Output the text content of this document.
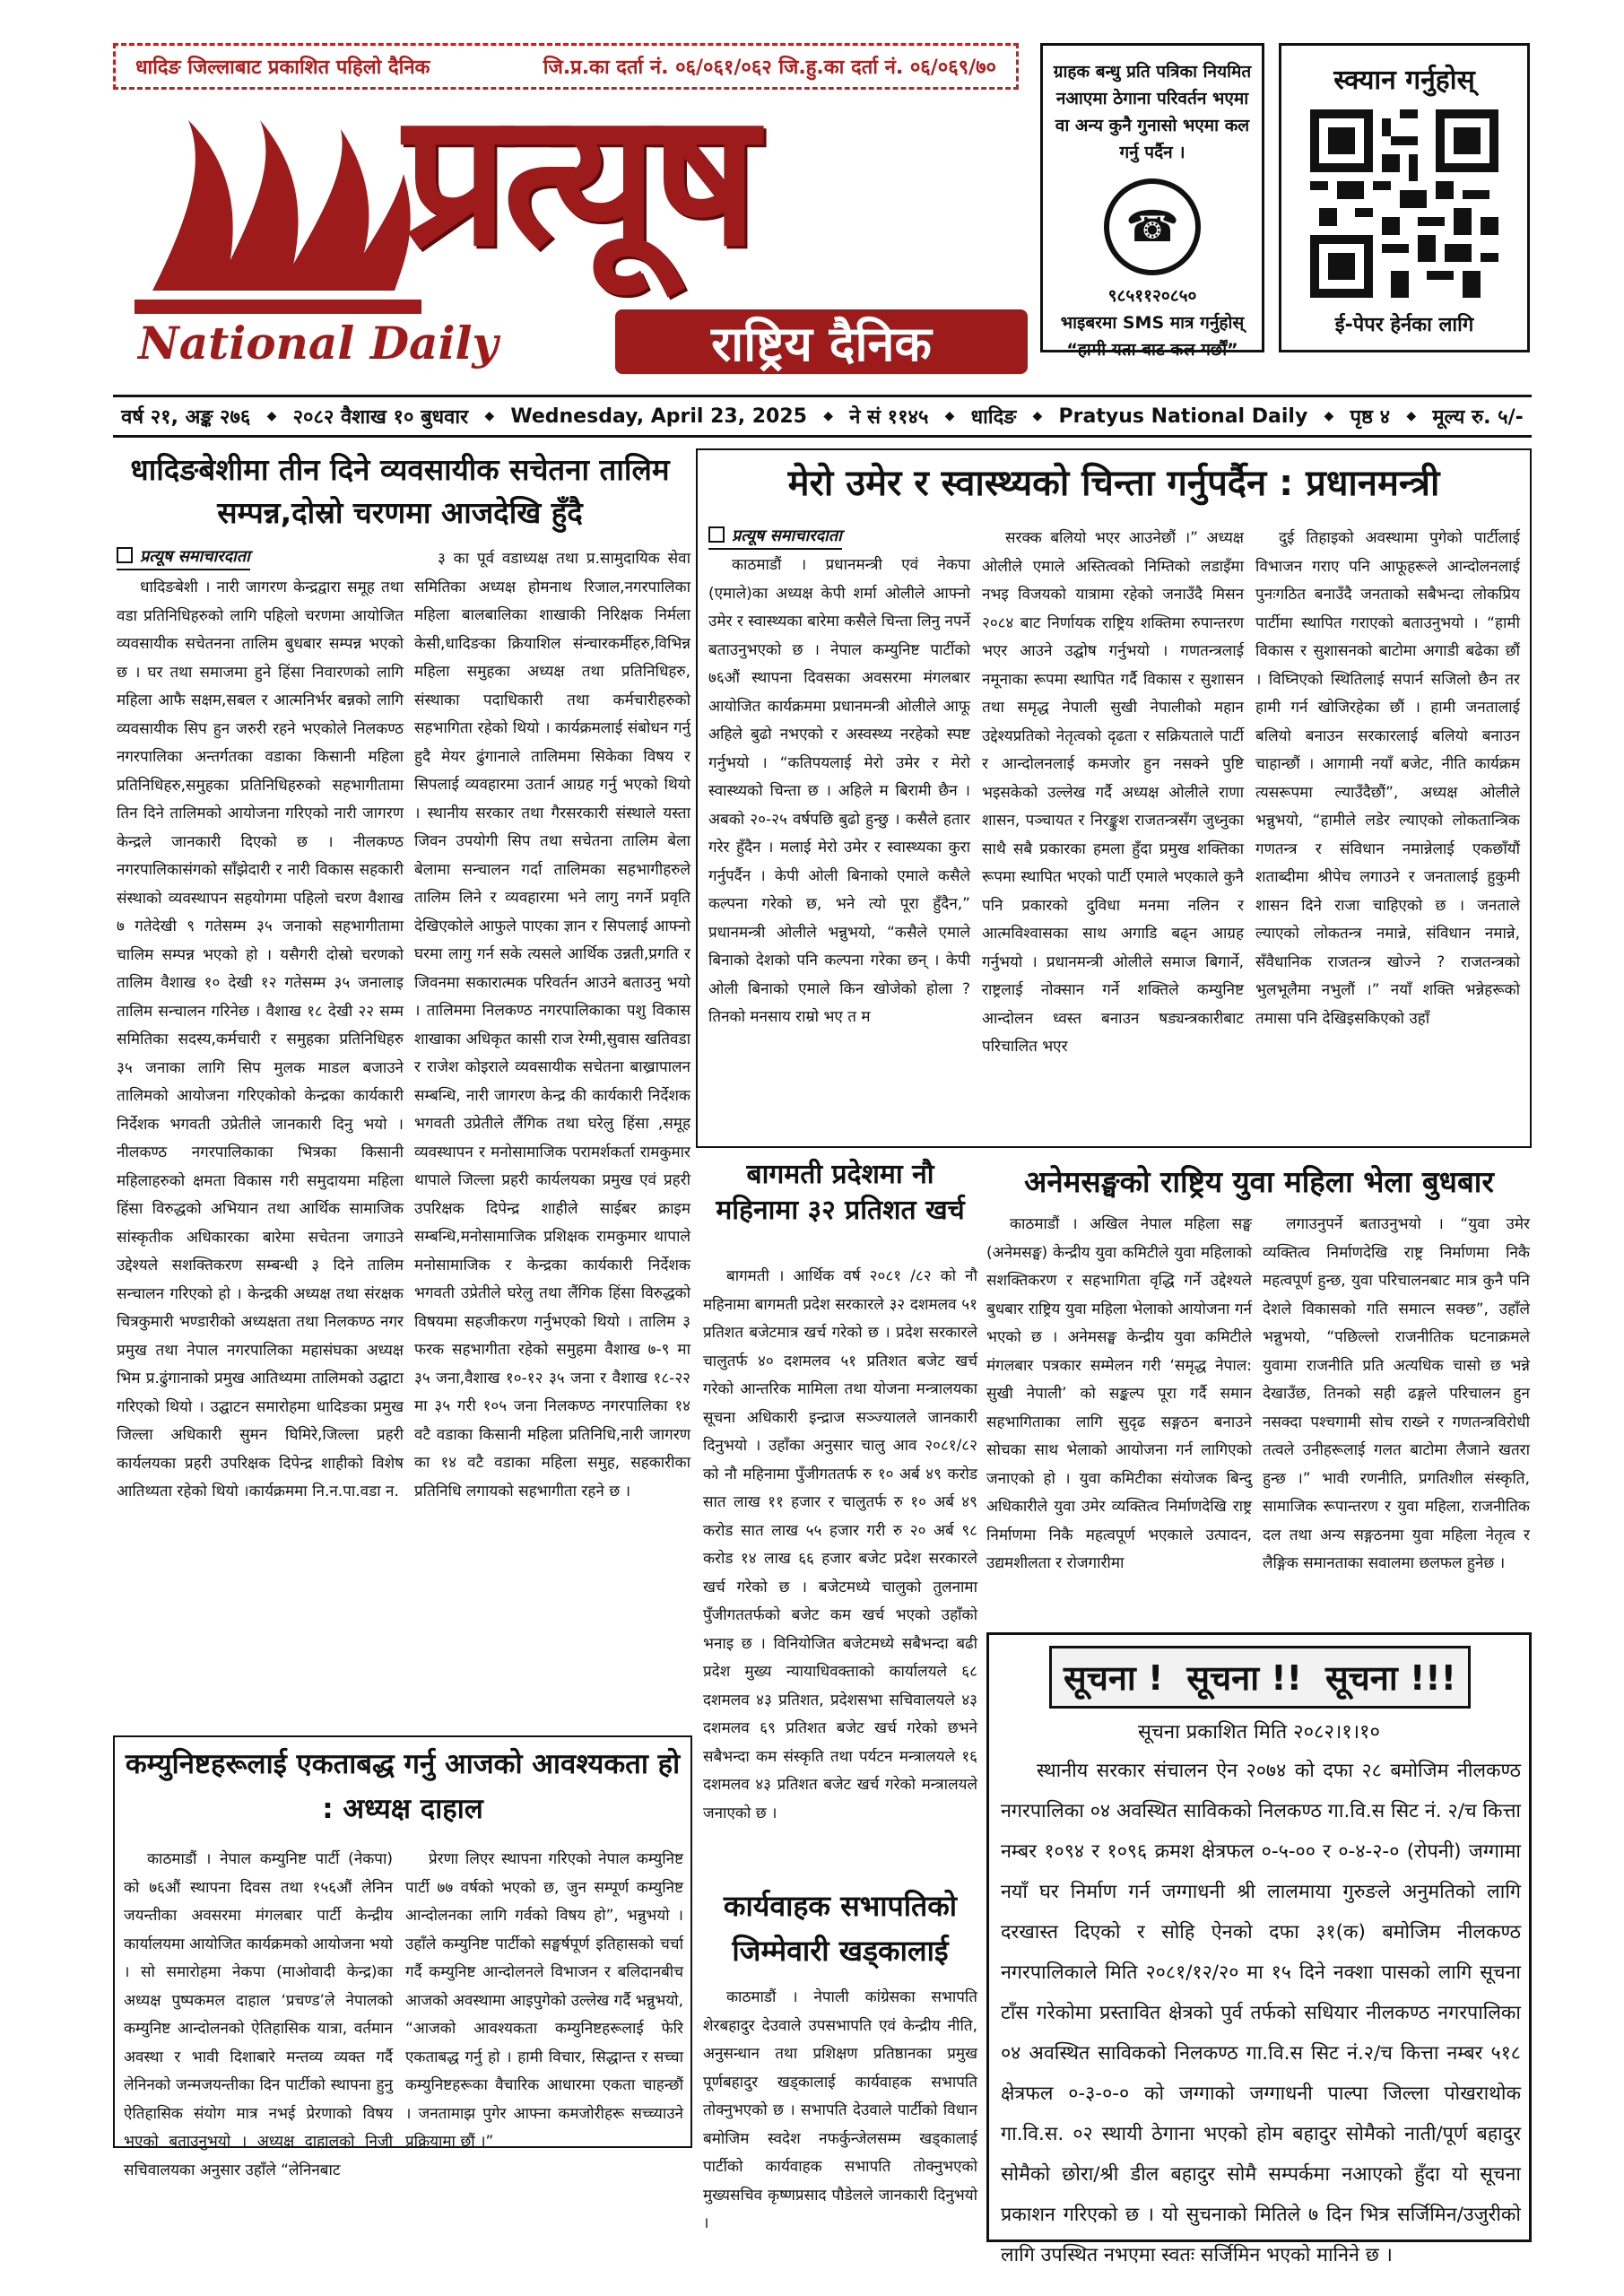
धादिङ जिल्लाबाट प्रकाशित पहिलो दैनिक	जि.प्र.का दर्ता नं. ०६/०६१/०६२ जि.हु.का दर्ता नं. ०६/०६९/७०
प्रत्यूष
National Daily	राष्ट्रिय दैनिक
ग्राहक बन्धु प्रति पत्रिका नियमित नआएमा ठेगाना परिवर्तन भएमा वा अन्य कुनै गुनासो भएमा कल गर्नु पर्दैन ।
☎
९८५११२०८५०
भाइबरमा SMS मात्र गर्नुहोस्
“हामी यता बाट कल गर्छौं”
स्क्यान गर्नुहोस्
ई-पेपर हेर्नका लागि
वर्ष २१, अङ्क २७६ ◆ २०८२ वैशाख १० बुधवार ◆ Wednesday, April 23, 2025 ◆ ने सं ११४५ ◆ धादिङ ◆ Pratyus National Daily ◆ पृष्ठ ४ ◆ मूल्य रु. ५/-
धादिङबेशीमा तीन दिने व्यवसायीक सचेतना तालिम सम्पन्न,दोस्रो चरणमा आजदेखि हुँदै
प्रत्यूष समाचारदाता

धादिङबेशी । नारी जागरण केन्द्रद्वारा समूह तथा वडा प्रतिनिधिहरुको लागि पहिलो चरणमा आयोजित व्यवसायीक सचेतनना तालिम बुधबार सम्पन्न भएको छ । घर तथा समाजमा हुने हिंसा निवारणको लागि महिला आफै सक्षम,सबल र आत्मनिर्भर बन्नको लागि व्यवसायीक सिप हुन जरुरी रहने भएकोले निलकण्ठ नगरपालिका अन्तर्गतका वडाका किसानी महिला प्रतिनिधिहरु,समुहका प्रतिनिधिहरुको सहभागीतामा तिन दिने तालिमको आयोजना गरिएको नारी जागरण केन्द्रले जानकारी दिएको छ । नीलकण्ठ नगरपालिकासंगको साँझेदारी र नारी विकास सहकारी संस्थाको व्यवस्थापन सहयोगमा पहिलो चरण वैशाख ७ गतेदेखी ९ गतेसम्म ३५ जनाको सहभागीतामा चालिम सम्पन्न भएको हो । यसैगरी दोस्रो चरणको तालिम वैशाख १० देखी १२ गतेसम्म ३५ जनालाइ तालिम सन्चालन गरिनेछ । वैशाख १८ देखी २२ सम्म समितिका सदस्य,कर्मचारी र समुहका प्रतिनिधिहरु ३५ जनाका लागि सिप मुलक माडल बजाउने तालिमको आयोजना गरिएकोको केन्द्रका कार्यकारी निर्देशक भगवती उप्रेतीले जानकारी दिनु भयो । नीलकण्ठ नगरपालिकाका भित्रका किसानी महिलाहरुको क्षमता विकास गरी समुदायमा महिला हिंसा विरुद्धको अभियान तथा आर्थिक सामाजिक सांस्कृतीक अधिकारका बारेमा सचेतना जगाउने उद्देश्यले सशक्तिकरण सम्बन्धी ३ दिने तालिम सन्चालन गरिएको हो । केन्द्रकी अध्यक्ष तथा संरक्षक चित्रकुमारी भण्डारीको अध्यक्षता तथा निलकण्ठ नगर प्रमुख तथा नेपाल नगरपालिका महासंघका अध्यक्ष भिम प्र.ढुंगानाको प्रमुख आतिथ्यमा तालिमको उद्घाटा गरिएको थियो । उद्घाटन समारोहमा धादिङका प्रमुख जिल्ला अधिकारी सुमन घिमिरे,जिल्ला प्रहरी कार्यलयका प्रहरी उपरिक्षक दिपेन्द्र शाहीको विशेष आतिथ्यता रहेको थियो ।कार्यक्रममा नि.न.पा.वडा न.

३ का पूर्व वडाध्यक्ष तथा प्र.सामुदायिक सेवा समितिका अध्यक्ष हाेमनाथ रिजाल,नगरपालिका महिला बालबालिका शाखाकी निरिक्षक निर्मला केसी,धादिङका क्रियाशिल संन्चारकर्मीहरु,विभिन्न महिला समुहका अध्यक्ष तथा प्रतिनिधिहरु, संस्थाका पदाधिकारी तथा कर्मचारीहरुको सहभागिता रहेको थियो । कार्यक्रमलाई संबोधन गर्नु हुदै मेयर ढुंगानाले तालिममा सिकेका विषय र सिपलाई व्यवहारमा उतार्न आग्रह गर्नु भएको थियो । स्थानीय सरकार तथा गैरसरकारी संस्थाले यस्ता जिवन उपयोगी सिप तथा सचेतना तालिम बेला बेलामा सन्चालन गर्दा तालिमका सहभागीहरुले तालिम लिने र व्यवहारमा भने लागु नगर्ने प्रवृति देखिएकोले आफुले पाएका ज्ञान र सिपलाई आफ्नो घरमा लागु गर्न सके त्यसले आर्थिक उन्नती,प्रगति र जिवनमा सकारात्मक परिवर्तन आउने बताउनु भयो । तालिममा निलकण्ठ नगरपालिकाका पशु विकास शाखाका अधिकृत कासी राज रेग्मी,सुवास खतिवडा र राजेश कोइरालेे व्यवसायीक सचेतना बाख्रापालन सम्बन्धि, नारी जागरण केन्द्र की कार्यकारी निर्देशक भगवती उप्रेतीले लैंगिक तथा घरेलु हिंसा ,समूह व्यवस्थापन र मनोसामाजिक परामर्शकर्ता रामकुमार थापाले जिल्ला प्रहरी कार्यलयका प्रमुख एवं प्रहरी उपरिक्षक दिपेन्द्र शाहीले साईबर क्राइम सम्बन्धि,मनोसामाजिक प्रशिक्षक रामकुमार थापाले मनोसामाजिक र केन्द्रका कार्यकारी निर्देशक भगवती उप्रेतीले घरेलु तथा लैंगिक हिंसा विरुद्धको विषयमा सहजीकरण गर्नुभएको थियो । तालिम ३ फरक सहभागीता रहेको समुहमा वैशाख ७-९ मा ३५ जना,वैशाख १०-१२ ३५ जना र वैशाख १८-२२ मा ३५ गरी १०५ जना निलकण्ठ नगरपालिका १४ वटै वडाका किसानी महिला प्रतिनिधि,नारी जागरण का १४ वटै वडाका महिला समुह, सहकारीका प्रतिनिधि लगायको सहभागीता रहने छ ।

मेरो उमेर र स्वास्थ्यको चिन्ता गर्नुपर्दैन : प्रधानमन्त्री
प्रत्यूष समाचारदाता

काठमाडौं । प्रधानमन्त्री एवं नेकपा (एमाले)का अध्यक्ष केपी शर्मा ओलीले आफ्नो उमेर र स्वास्थ्यका बारेमा कसैले चिन्ता लिनु नपर्ने बताउनुभएको छ । नेपाल कम्युनिष्ट पार्टीको ७६औं स्थापना दिवसका अवसरमा मंगलबार आयोजित कार्यक्रममा प्रधानमन्त्री ओलीले आफू अहिले बुढो नभएको र अस्वस्थ्य नरहेको स्पष्ट गर्नुभयो । “कतिपयलाई मेरो उमेर र मेरो स्वास्थ्यको चिन्ता छ । अहिले म बिरामी छैन । अबको २०-२५ वर्षपछि बुढो हुन्छु । कसैले हतार गरेर हुँदैन । मलाई मेरो उमेर र स्वास्थ्यका कुरा गर्नुपर्दैन । केपी ओली बिनाको एमाले कसैले कल्पना गरेको छ, भने त्यो पूरा हुँदैन,” प्रधानमन्त्री ओलीले भन्नुभयो, “कसैले एमाले बिनाको देशको पनि कल्पना गरेका छन् । केपी ओली बिनाको एमाले किन खोजेको होला ? तिनको मनसाय राम्रो भए त म

सरक्क बलियो भएर आउनेछौं ।” अध्यक्ष ओलीले एमाले अस्तित्वको निम्तिको लडाइँमा नभइ विजयको यात्रामा रहेको जनाउँदै मिसन २०८४ बाट निर्णायक राष्ट्रिय शक्तिमा रुपान्तरण भएर आउने उद्घोष गर्नुभयो । गणतन्त्रलाई नमूनाका रूपमा स्थापित गर्दै विकास र सुशासन तथा समृद्ध नेपाली सुखी नेपालीको महान उद्देश्यप्रतिको नेतृत्वको दृढता र सक्रियताले पार्टी र आन्दोलनलाई कमजोर हुन नसक्ने पुष्टि भइसकेको उल्लेख गर्दै अध्यक्ष ओलीले राणा शासन, पञ्चायत र निरङ्कुश राजतन्त्रसँग जुध्नुका साथै सबै प्रकारका हमला हुँदा प्रमुख शक्तिका रूपमा स्थापित भएको पार्टी एमाले भएकाले कुनै पनि प्रकारको दुविधा मनमा नलिन र आत्मविश्वासका साथ अगाडि बढ्न आग्रह गर्नुभयो । प्रधानमन्त्री ओलीले समाज बिगार्ने, राष्ट्रलाई नोक्सान गर्ने शक्तिले कम्युनिष्ट आन्दोलन ध्वस्त बनाउन षड्यन्त्रकारीबाट परिचालित भएर

दुई तिहाइको अवस्थामा पुगेको पार्टीलाई विभाजन गराए पनि आफूहरूले आन्दोलनलाई पुनःगठित बनाउँदै जनताको सबैभन्दा लोकप्रिय पार्टीमा स्थापित गराएको बताउनुभयो । “हामी विकास र सुशासनको बाटोमा अगाडी बढेका छौं । विघ्निएको स्थितिलाई सपार्न सजिलो छैन तर हामी गर्न खोजिरहेका छौं । हामी जनतालाई बलियो बनाउन सरकारलाई बलियो बनाउन चाहान्छौं । आगामी नयाँ बजेट, नीति कार्यक्रम त्यसरूपमा ल्याउँदैछौं”, अध्यक्ष ओलीले भन्नुभयो, “हामीले लडेर ल्याएको लोकतान्त्रिक गणतन्त्र र संविधान नमान्नेलाई एकछाँयौं शताब्दीमा श्रीपेच लगाउने र जनतालाई हुकुमी शासन दिने राजा चाहिएको छ । जनताले ल्याएको लोकतन्त्र नमान्ने, संविधान नमान्ने, सँवैधानिक राजतन्त्र खोज्ने ? राजतन्त्रको भुलभूलैमा नभुलौं ।” नयाँ शक्ति भन्नेहरूको तमासा पनि देखिइसकिएको उहाँ

बागमती प्रदेशमा नौ महिनामा ३२ प्रतिशत खर्च

बागमती । आर्थिक वर्ष २०८१ /८२ को नौ महिनामा बागमती प्रदेश सरकारले ३२ दशमलव ५१ प्रतिशत बजेटमात्र खर्च गरेको छ । प्रदेश सरकारले चालुतर्फ ४० दशमलव ५१ प्रतिशत बजेट खर्च गरेको आन्तरिक मामिला तथा योजना मन्त्रालयका सूचना अधिकारी इन्द्राज सञ्ज्यालले जानकारी दिनुभयो । उहाँका अनुसार चालु आव २०८१/८२ को नौ महिनामा पुँजीगततर्फ रु १० अर्ब ४९ करोड सात लाख ११ हजार र चालुतर्फ रु १० अर्ब ४९ करोड सात लाख ५५ हजार गरी रु २० अर्ब ९८ करोड १४ लाख ६६ हजार बजेट प्रदेश सरकारले खर्च गरेको छ । बजेटमध्ये चालुको तुलनामा पुँजीगततर्फको बजेट कम खर्च भएको उहाँको भनाइ छ । विनियोजित बजेटमध्ये सबैभन्दा बढी प्रदेश मुख्य न्यायाधिवक्ताको कार्यालयले ६८ दशमलव ४३ प्रतिशत, प्रदेशसभा सचिवालयले ४३ दशमलव ६९ प्रतिशत बजेट खर्च गरेको छभने सबैभन्दा कम संस्कृति तथा पर्यटन मन्त्रालयले १६ दशमलव ४३ प्रतिशत बजेट खर्च गरेको मन्त्रालयले जनाएको छ ।

अनेमसङ्घको राष्ट्रिय युवा महिला भेला बुधबार

काठमाडौं । अखिल नेपाल महिला सङ्घ (अनेमसङ्घ) केन्द्रीय युवा कमिटीले युवा महिलाको सशक्तिकरण र सहभागिता वृद्धि गर्ने उद्देश्यले बुधबार राष्ट्रिय युवा महिला भेलाको आयोजना गर्न भएको छ । अनेमसङ्घ केन्द्रीय युवा कमिटीले मंगलबार पत्रकार सम्मेलन गरी ‘समृद्ध नेपाल: सुखी नेपाली’ को सङ्कल्प पूरा गर्दै समान सहभागिताका लागि सुदृढ सङ्गठन बनाउने सोचका साथ भेलाको आयोजना गर्न लागिएको जनाएको हो । युवा कमिटीका संयोजक बिन्दु अधिकारीले युवा उमेर व्यक्तित्व निर्माणदेखि राष्ट्र निर्माणमा निकै महत्वपूर्ण भएकाले उत्पादन, उद्यमशीलता र रोजगारीमा

लगाउनुपर्ने बताउनुभयो । “युवा उमेर व्यक्तित्व निर्माणदेखि राष्ट्र निर्माणमा निकै महत्वपूर्ण हुन्छ, युवा परिचालनबाट मात्र कुनै पनि देशले विकासको गति समात्न सक्छ”, उहाँले भन्नुभयो, “पछिल्लो राजनीतिक घटनाक्रमले युवामा राजनीति प्रति अत्यधिक चासो छ भन्ने देखाउँछ, तिनको सही ढङ्गले परिचालन हुन नसक्दा पश्चगामी सोच राख्ने र गणतन्त्रविरोधी तत्वले उनीहरूलाई गलत बाटोमा लैजाने खतरा हुन्छ ।” भावी रणनीति, प्रगतिशील संस्कृति, सामाजिक रूपान्तरण र युवा महिला, राजनीतिक दल तथा अन्य सङ्गठनमा युवा महिला नेतृत्व र लैङ्गिक समानताका सवालमा छलफल हुनेछ ।

कम्युनिष्टहरूलाई एकताबद्ध गर्नु आजको आवश्यकता हो : अध्यक्ष दाहाल

काठमाडौं । नेपाल कम्युनिष्ट पार्टी (नेकपा) को ७६औं स्थापना दिवस तथा १५६औं लेनिन जयन्तीका अवसरमा मंगलबार पार्टी केन्द्रीय कार्यालयमा आयोजित कार्यक्रमको आयोजना भयो । सो समारोहमा नेकपा (माओवादी केन्द्र)का अध्यक्ष पुष्पकमल दाहाल ‘प्रचण्ड’ले नेपालको कम्युनिष्ट आन्दोलनको ऐतिहासिक यात्रा, वर्तमान अवस्था र भावी दिशाबारे मन्तव्य व्यक्त गर्दै लेनिनको जन्मजयन्तीका दिन पार्टीको स्थापना हुनु ऐतिहासिक संयोग मात्र नभई प्रेरणाको विषय भएको बताउनुभयो । अध्यक्ष दाहालको निजी सचिवालयका अनुसार उहाँले “लेनिनबाट

प्रेरणा लिएर स्थापना गरिएको नेपाल कम्युनिष्ट पार्टी ७७ वर्षको भएको छ, जुन सम्पूर्ण कम्युनिष्ट आन्दोलनका लागि गर्वको विषय हो”, भन्नुभयो । उहाँले कम्युनिष्ट पार्टीको सङ्घर्षपूर्ण इतिहासको चर्चा गर्दै कम्युनिष्ट आन्दोलनले विभाजन र बलिदानबीच आजको अवस्थामा आइपुगेको उल्लेख गर्दै भन्नुभयो, “आजको आवश्यकता कम्युनिष्टहरूलाई फेरि एकताबद्ध गर्नु हो । हामी विचार, सिद्धान्त र सच्चा कम्युनिष्टहरूका वैचारिक आधारमा एकता चाहन्छौं । जनतामाझ पुगेर आफ्ना कमजोरीहरू सच्च्याउने प्रक्रियामा छौं ।”

कार्यवाहक सभापतिको जिम्मेवारी खड्कालाई

काठमाडौं । नेपाली कांग्रेसका सभापति शेरबहादुर देउवाले उपसभापति एवं केन्द्रीय नीति, अनुसन्धान तथा प्रशिक्षण प्रतिष्ठानका प्रमुख पूर्णबहादुर खड्कालाई कार्यवाहक सभापति तोक्नुभएको छ । सभापति देउवाले पार्टीको विधान बमोजिम स्वदेश नफर्कुन्जेलसम्म खड्कालाई पार्टीको कार्यवाहक सभापति तोक्नुभएको मुख्यसचिव कृष्णप्रसाद पौडेलले जानकारी दिनुभयो ।

सूचना ! सूचना !! सूचना !!!
सूचना प्रकाशित मिति २०८२।१।१०

स्थानीय सरकार संचालन ऐन २०७४ को दफा २८ बमोजिम नीलकण्ठ नगरपालिका ०४ अवस्थित साविकको निलकण्ठ गा.वि.स सिट नं. २/च कित्ता नम्बर १०९४ र १०९६ क्रमश क्षेत्रफल ०-५-०० र ०-४-२-० (रोपनी) जग्गामा नयाँ घर निर्माण गर्न जग्गाधनी श्री लालमाया गुरुङले अनुमतिको लागि दरखास्त दिएको र सोहि ऐनको दफा ३१(क) बमोजिम नीलकण्ठ नगरपालिकाले मिति २०८१/१२/२० मा १५ दिने नक्शा पासको लागि सूचना टाँस गरेकोमा प्रस्तावित क्षेत्रको पुर्व तर्फको सधियार नीलकण्ठ नगरपालिका ०४ अवस्थित साविकको निलकण्ठ गा.वि.स सिट नं.२/च कित्ता नम्बर ५१८ क्षेत्रफल ०-३-०-० को जग्गाको जग्गाधनी पाल्पा जिल्ला पोखराथोक गा.वि.स. ०२ स्थायी ठेगाना भएको होम बहादुर सोमैको नाती/पूर्ण बहादुर सोमैको छोरा/श्री डील बहादुर सोमै सम्पर्कमा नआएको हुँदा यो सूचना प्रकाशन गरिएको छ । यो सुचनाको मितिले ७ दिन भित्र सर्जिमिन/उजुरीको लागि उपस्थित नभएमा स्वतः सर्जिमिन भएको मानिने छ ।
